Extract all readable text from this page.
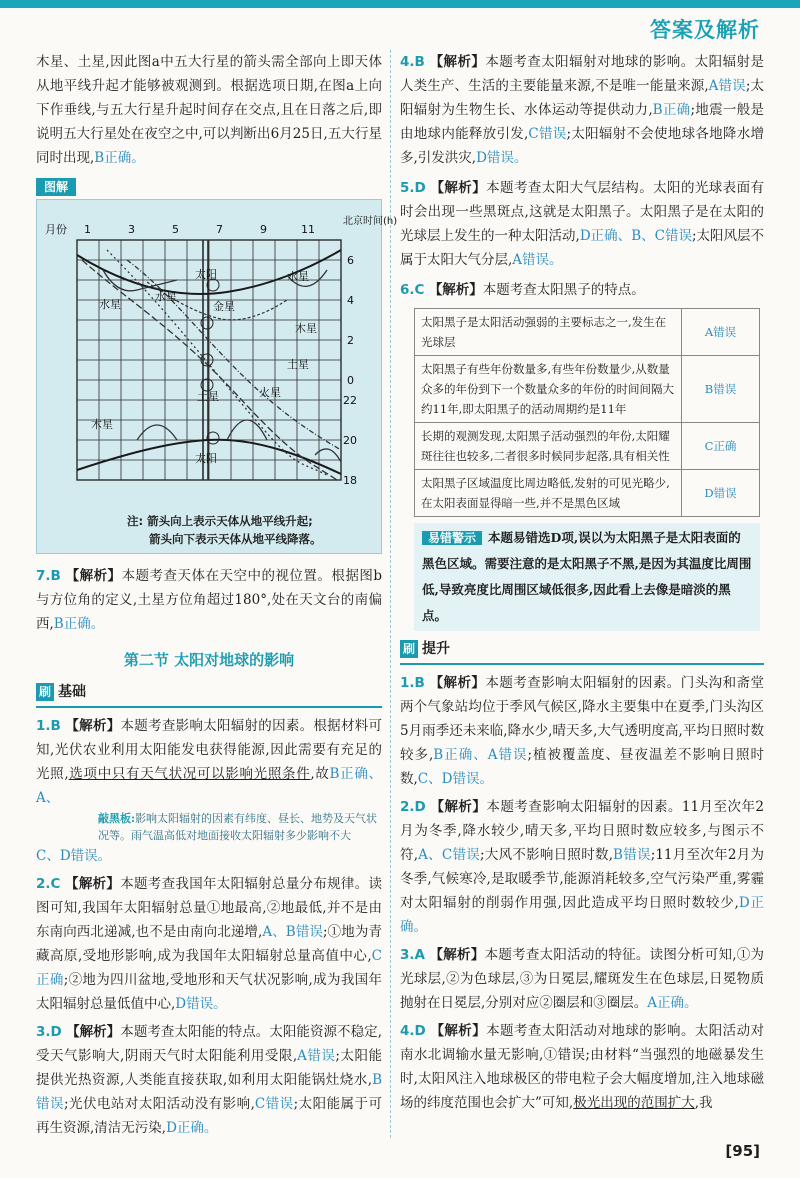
答案及解析

木星、土星,因此图a中五大行星的箭头需全部向上即天体从地平线升起才能够被观测到。根据选项日期,在图a上向下作垂线,与五大行星升起时间存在交点,且在日落之后,即说明五大行星处在夜空之中,可以判断出6月25日,五大行星同时出现,B正确。

图解
月份
北京时间(h)
1	3	5	7	9	11
6
4
2
0
22
20
18
太阳
太阳
水星
水星
金星
火星
木星
木星
土星
土星
水星
注: 箭头向上表示天体从地平线升起;
箭头向下表示天体从地平线降落。

7.B 【解析】本题考查天体在天空中的视位置。根据图b与方位角的定义,土星方位角超过180°,处在天文台的南偏西,B正确。

第二节 太阳对地球的影响
刷 基础

1.B 【解析】本题考查影响太阳辐射的因素。根据材料可知,光伏农业利用太阳能发电获得能源,因此需要有充足的光照,选项中只有天气状况可以影响光照条件,故B正确、A、

敲黑板:影响太阳辐射的因素有纬度、昼长、地势及天气状况等。雨气温高低对地面接收太阳辐射多少影响不大

C、D错误。

2.C 【解析】本题考查我国年太阳辐射总量分布规律。读图可知,我国年太阳辐射总量①地最高,②地最低,并不是由东南向西北递减,也不是由南向北递增,A、B错误;①地为青藏高原,受地形影响,成为我国年太阳辐射总量高值中心,C正确;②地为四川盆地,受地形和天气状况影响,成为我国年太阳辐射总量低值中心,D错误。

3.D 【解析】本题考查太阳能的特点。太阳能资源不稳定,受天气影响大,阴雨天气时太阳能利用受限,A错误;太阳能提供光热资源,人类能直接获取,如利用太阳能锅灶烧水,B错误;光伏电站对太阳活动没有影响,C错误;太阳能属于可再生资源,清洁无污染,D正确。

4.B 【解析】本题考查太阳辐射对地球的影响。太阳辐射是人类生产、生活的主要能量来源,不是唯一能量来源,A错误;太阳辐射为生物生长、水体运动等提供动力,B正确;地震一般是由地球内能释放引发,C错误;太阳辐射不会使地球各地降水增多,引发洪灾,D错误。

5.D 【解析】本题考查太阳大气层结构。太阳的光球表面有时会出现一些黑斑点,这就是太阳黑子。太阳黑子是在太阳的光球层上发生的一种太阳活动,D正确、B、C错误;太阳风层不属于太阳大气分层,A错误。

6.C 【解析】本题考查太阳黑子的特点。

太阳黑子是太阳活动强弱的主要标志之一,发生在光球层	A错误
太阳黑子有些年份数量多,有些年份数量少,从数量众多的年份到下一个数量众多的年份的时间间隔大约11年,即太阳黑子的活动周期约是11年	B错误
长期的观测发现,太阳黑子活动强烈的年份,太阳耀斑往往也较多,二者很多时候同步起落,具有相关性	C正确
太阳黑子区域温度比周边略低,发射的可见光略少,在太阳表面显得暗一些,并不是黑色区域	D错误
易错警示 本题易错选D项,误以为太阳黑子是太阳表面的黑色区域。需要注意的是太阳黑子不黑,是因为其温度比周围低,导致亮度比周围区域低很多,因此看上去像是暗淡的黑点。
刷 提升

1.B 【解析】本题考查影响太阳辐射的因素。门头沟和斋堂两个气象站均位于季风气候区,降水主要集中在夏季,门头沟区5月雨季还未来临,降水少,晴天多,大气透明度高,平均日照时数较多,B正确、A错误;植被覆盖度、昼夜温差不影响日照时数,C、D错误。

2.D 【解析】本题考查影响太阳辐射的因素。11月至次年2月为冬季,降水较少,晴天多,平均日照时数应较多,与图示不符,A、C错误;大风不影响日照时数,B错误;11月至次年2月为冬季,气候寒冷,是取暖季节,能源消耗较多,空气污染严重,雾霾对太阳辐射的削弱作用强,因此造成平均日照时数较少,D正确。

3.A 【解析】本题考查太阳活动的特征。读图分析可知,①为光球层,②为色球层,③为日冕层,耀斑发生在色球层,日冕物质抛射在日冕层,分别对应②圈层和③圈层。A正确。

4.D 【解析】本题考查太阳活动对地球的影响。太阳活动对南水北调输水量无影响,①错误;由材料“当强烈的地磁暴发生时,太阳风注入地球极区的带电粒子会大幅度增加,注入地球磁场的纬度范围也会扩大”可知,极光出现的范围扩大,我

[95]
